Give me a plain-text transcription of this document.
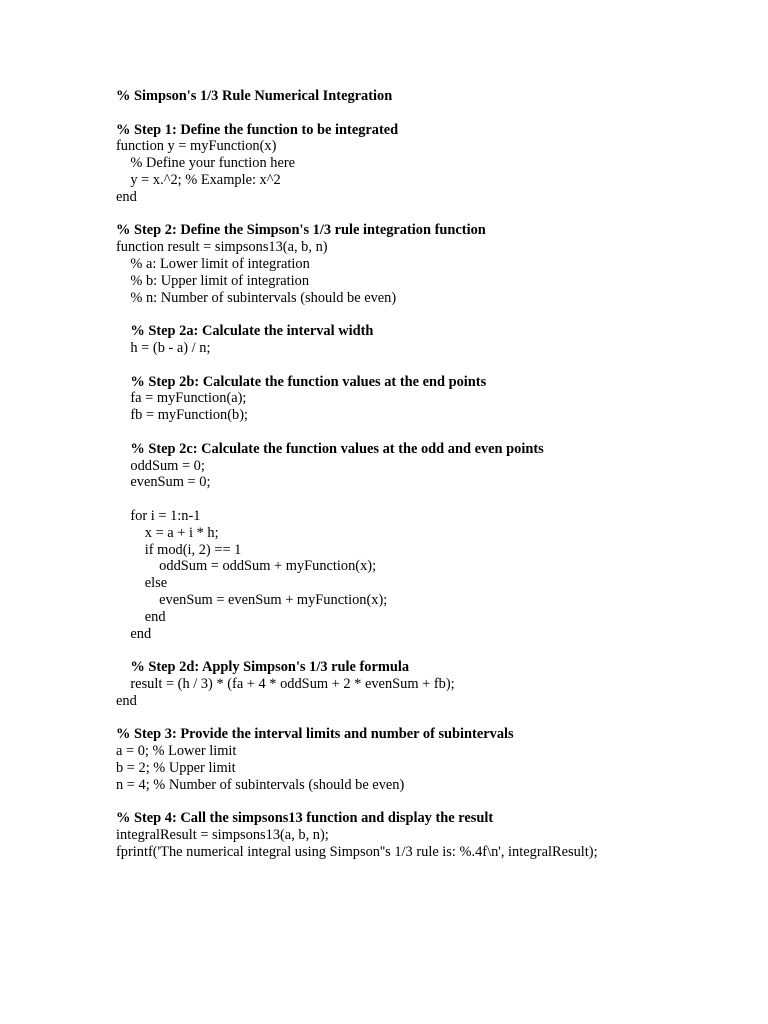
% Simpson's 1/3 Rule Numerical Integration
% Step 1: Define the function to be integrated
function y = myFunction(x)
% Define your function here
y = x.^2; % Example: x^2
end
% Step 2: Define the Simpson's 1/3 rule integration function
function result = simpsons13(a, b, n)
% a: Lower limit of integration
% b: Upper limit of integration
% n: Number of subintervals (should be even)
% Step 2a: Calculate the interval width
h = (b - a) / n;
% Step 2b: Calculate the function values at the end points
fa = myFunction(a);
fb = myFunction(b);
% Step 2c: Calculate the function values at the odd and even points
oddSum = 0;
evenSum = 0;
for i = 1:n-1
x = a + i * h;
if mod(i, 2) == 1
oddSum = oddSum + myFunction(x);
else
evenSum = evenSum + myFunction(x);
end
end
% Step 2d: Apply Simpson's 1/3 rule formula
result = (h / 3) * (fa + 4 * oddSum + 2 * evenSum + fb);
end
% Step 3: Provide the interval limits and number of subintervals
a = 0; % Lower limit
b = 2; % Upper limit
n = 4; % Number of subintervals (should be even)
% Step 4: Call the simpsons13 function and display the result
integralResult = simpsons13(a, b, n);
fprintf('The numerical integral using Simpson''s 1/3 rule is: %.4f\n', integralResult);
